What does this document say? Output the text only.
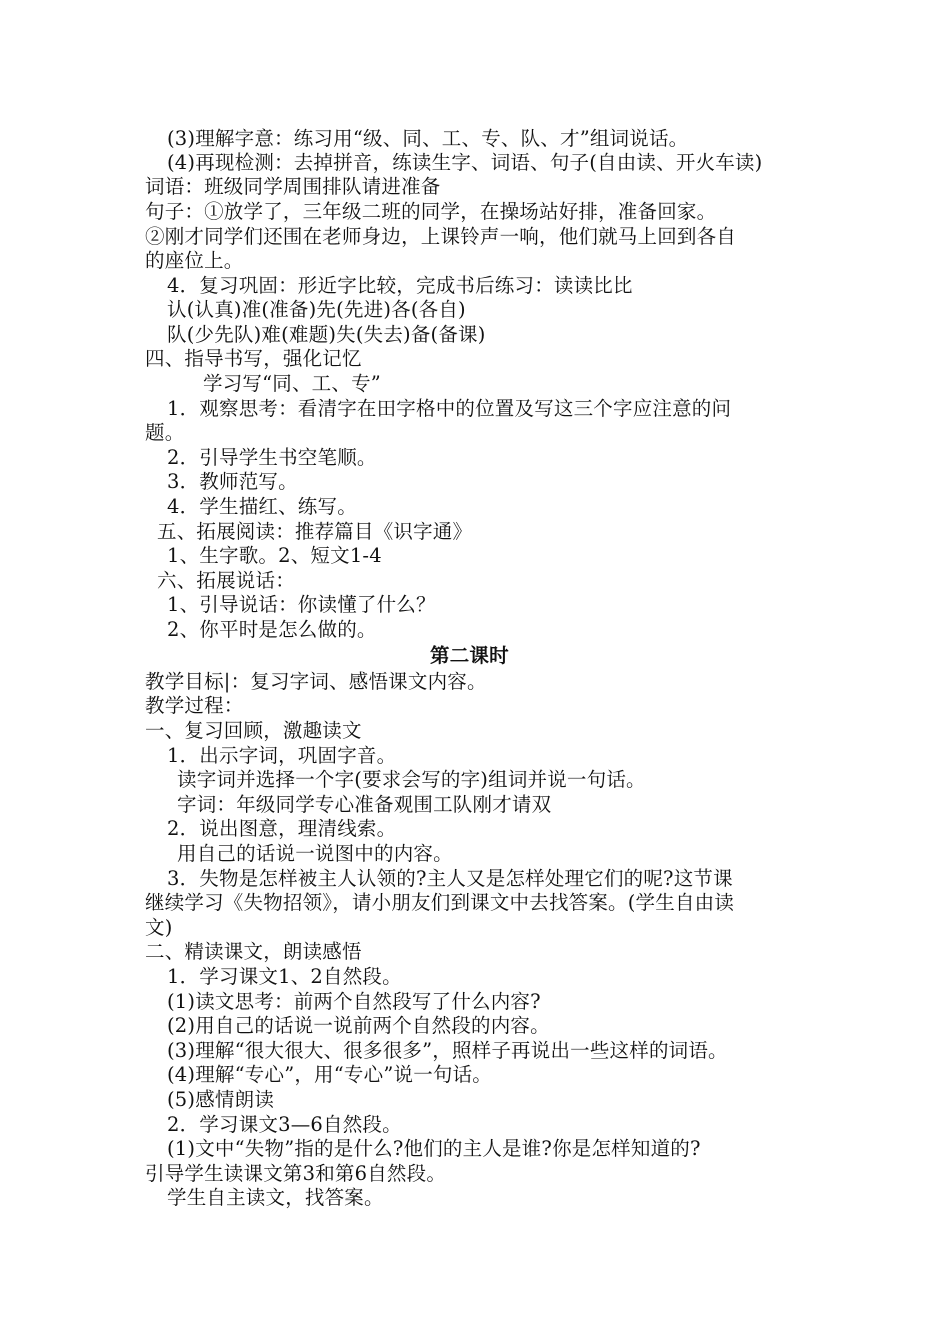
(3)理解字意：练习用“级、同、工、专、队、才”组词说话。
(4)再现检测：去掉拼音，练读生字、词语、句子(自由读、开火车读)
词语：班级同学周围排队请进准备
句子：①放学了，三年级二班的同学，在操场站好排，准备回家。
②刚才同学们还围在老师身边，上课铃声一响，他们就马上回到各自
的座位上。
4．复习巩固：形近字比较，完成书后练习：读读比比
认(认真)准(准备)先(先进)各(各自)
队(少先队)难(难题)失(失去)备(备课)
四、指导书写，强化记忆
学习写“同、工、专”
1．观察思考：看清字在田字格中的位置及写这三个字应注意的问
题。
2．引导学生书空笔顺。
3．教师范写。
4．学生描红、练写。
五、拓展阅读：推荐篇目《识字通》
1、生字歌。2、短文1-4
六、拓展说话：
1、引导说话：你读懂了什么？
2、你平时是怎么做的。
第二课时
教学目标|：复习字词、感悟课文内容。
教学过程：
一、复习回顾，激趣读文
1．出示字词，巩固字音。
读字词并选择一个字(要求会写的字)组词并说一句话。
字词：年级同学专心准备观围工队刚才请双
2．说出图意，理清线索。
用自己的话说一说图中的内容。
3．失物是怎样被主人认领的?主人又是怎样处理它们的呢?这节课
继续学习《失物招领》，请小朋友们到课文中去找答案。(学生自由读
文)
二、精读课文，朗读感悟
1．学习课文1、2自然段。
(1)读文思考：前两个自然段写了什么内容?
(2)用自己的话说一说前两个自然段的内容。
(3)理解“很大很大、很多很多”，照样子再说出一些这样的词语。
(4)理解“专心”，用“专心”说一句话。
(5)感情朗读
2．学习课文3—6自然段。
(1)文中“失物”指的是什么?他们的主人是谁?你是怎样知道的?
引导学生读课文第3和第6自然段。
学生自主读文，找答案。
